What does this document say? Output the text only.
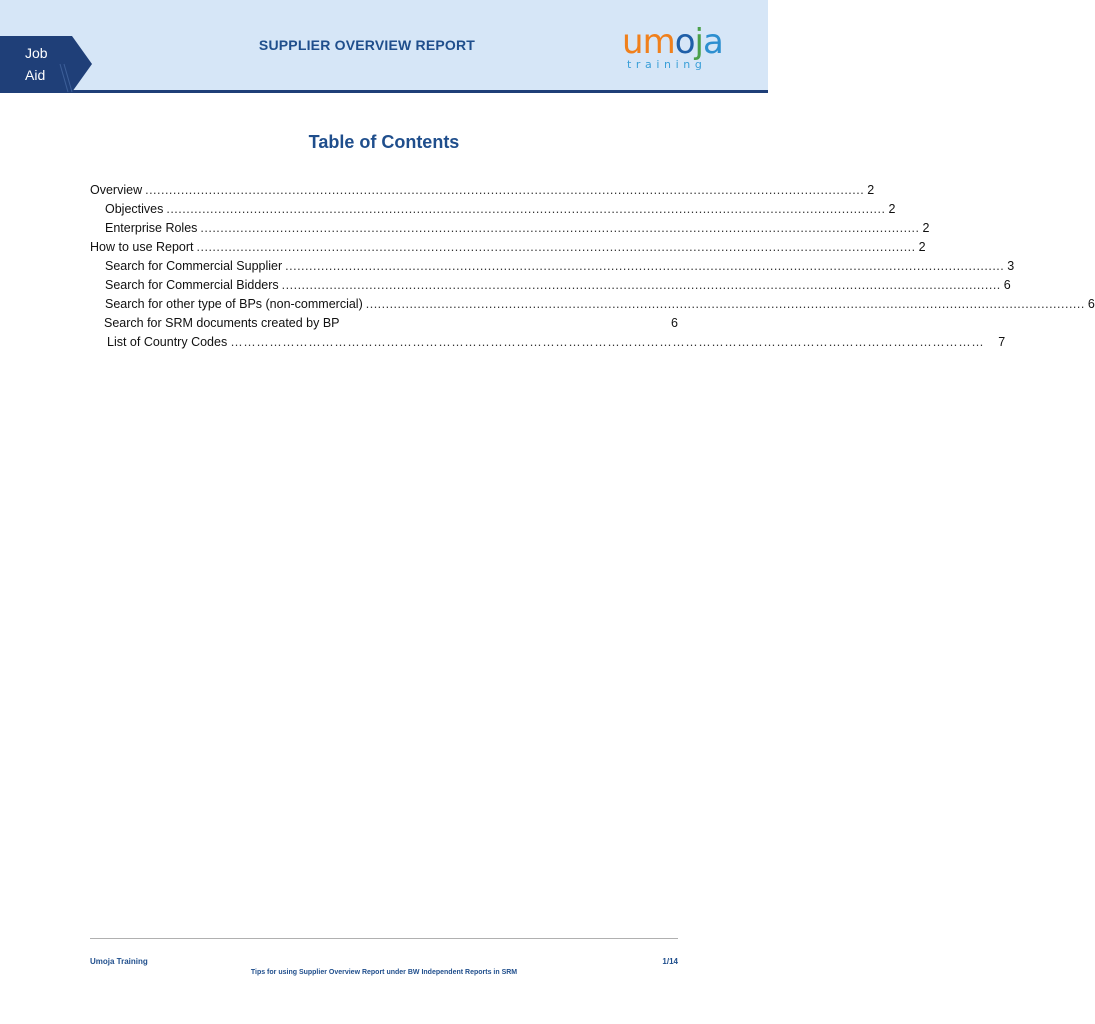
Job
Aid
SUPPLIER OVERVIEW REPORT	umoja
training
Table of Contents
Overview ..................................................................................................................................................................................... 2
Objectives ..................................................................................................................................................................................... 2
Enterprise Roles ..................................................................................................................................................................................... 2
How to use Report ..................................................................................................................................................................................... 2
Search for Commercial Supplier ..................................................................................................................................................................................... 3
Search for Commercial Bidders ..................................................................................................................................................................................... 6
Search for other type of BPs (non-commercial) ..................................................................................................................................................................................... 6
Search for SRM documents created by BP	6
List of Country Codes ………………………………………………………………………………………………………………………………………………………… 7
Umoja Training	1/14
Tips for using Supplier Overview Report under BW Independent Reports in SRM
